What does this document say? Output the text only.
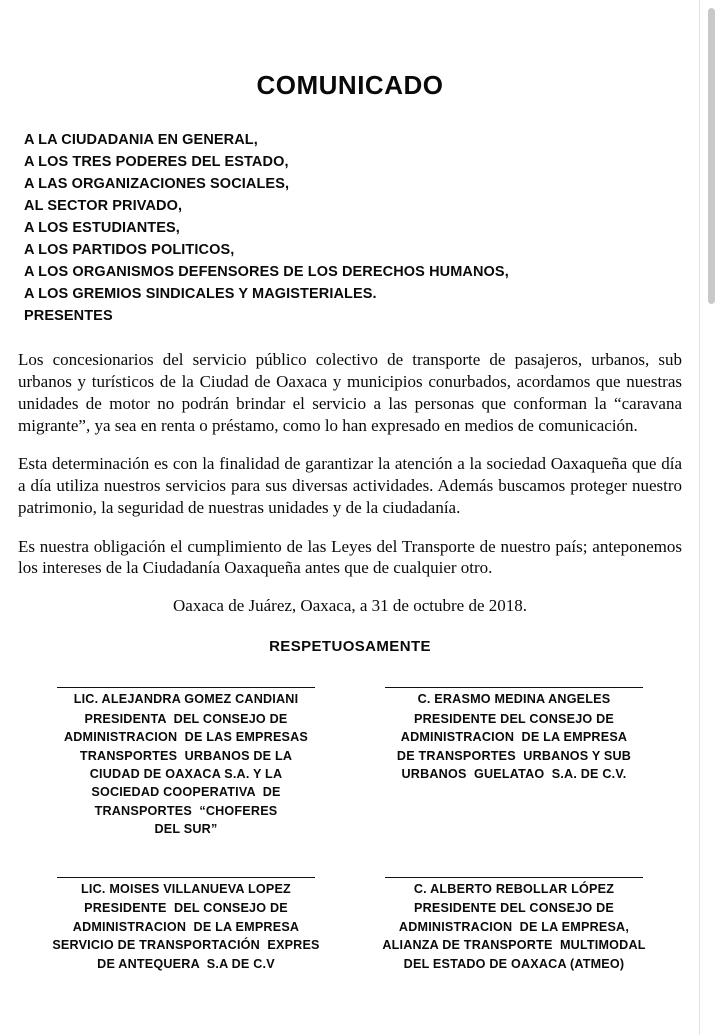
COMUNICADO
A LA CIUDADANIA EN GENERAL,
A LOS TRES PODERES DEL ESTADO,
A LAS ORGANIZACIONES SOCIALES,
AL SECTOR PRIVADO,
A LOS ESTUDIANTES,
A LOS PARTIDOS POLITICOS,
A LOS ORGANISMOS DEFENSORES DE LOS DERECHOS HUMANOS,
A LOS GREMIOS SINDICALES Y MAGISTERIALES.
PRESENTES

Los concesionarios del servicio público colectivo de transporte de pasajeros, urbanos, sub urbanos y turísticos de la Ciudad de Oaxaca y municipios conurbados, acordamos que nuestras unidades de motor no podrán brindar el servicio a las personas que conforman la “caravana migrante”, ya sea en renta o préstamo, como lo han expresado en medios de comunicación.

Esta determinación es con la finalidad de garantizar la atención a la sociedad Oaxaqueña que día a día utiliza nuestros servicios para sus diversas actividades. Además buscamos proteger nuestro patrimonio, la seguridad de nuestras unidades y de la ciudadanía.

Es nuestra obligación el cumplimiento de las Leyes del Transporte de nuestro país; anteponemos los intereses de la Ciudadanía Oaxaqueña antes que de cualquier otro.

Oaxaca de Juárez, Oaxaca, a 31 de octubre de 2018.
RESPETUOSAMENTE
LIC. ALEJANDRA GOMEZ CANDIANI
PRESIDENTA  DEL CONSEJO DE
ADMINISTRACION  DE LAS EMPRESAS
TRANSPORTES  URBANOS DE LA
CIUDAD DE OAXACA S.A. Y LA
SOCIEDAD COOPERATIVA  DE
TRANSPORTES  “CHOFERES
DEL SUR”
C. ERASMO MEDINA ANGELES
PRESIDENTE DEL CONSEJO DE
ADMINISTRACION  DE LA EMPRESA
DE TRANSPORTES  URBANOS Y SUB
URBANOS  GUELATAO  S.A. DE C.V.
LIC. MOISES VILLANUEVA LOPEZ
PRESIDENTE  DEL CONSEJO DE
ADMINISTRACION  DE LA EMPRESA
SERVICIO DE TRANSPORTACIÓN  EXPRES
DE ANTEQUERA  S.A DE C.V
C. ALBERTO REBOLLAR LÓPEZ
PRESIDENTE DEL CONSEJO DE
ADMINISTRACION  DE LA EMPRESA,
ALIANZA DE TRANSPORTE  MULTIMODAL
DEL ESTADO DE OAXACA (ATMEO)
